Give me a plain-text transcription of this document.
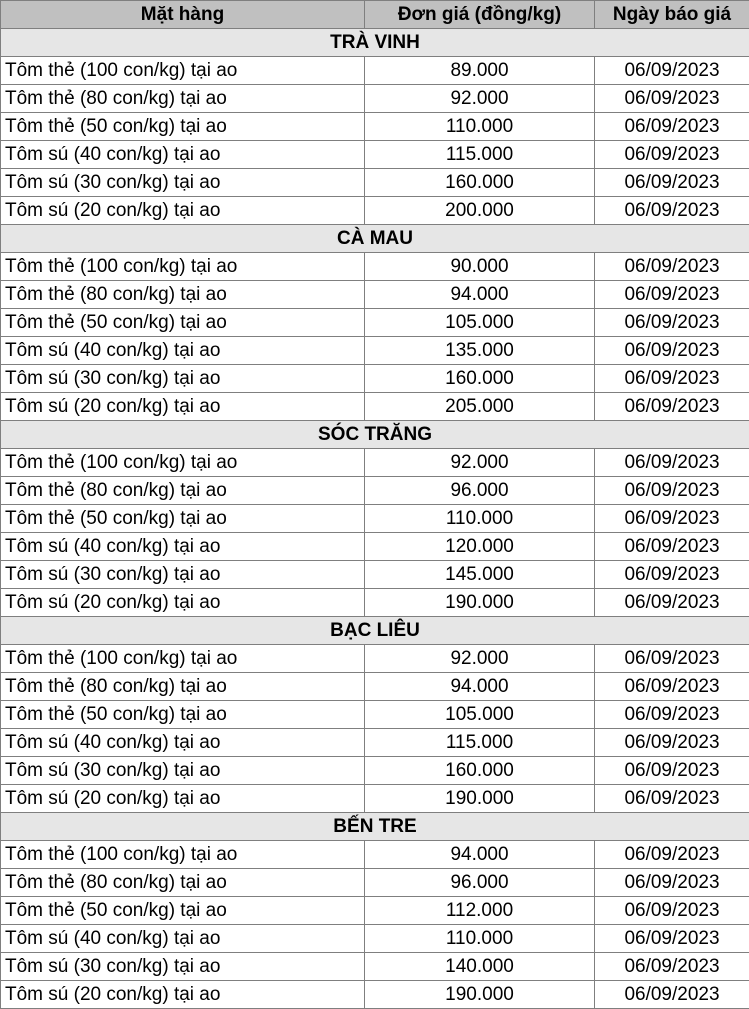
Mặt hàng	Đơn giá (đồng/kg)	Ngày báo giá
TRÀ VINH		
Tôm thẻ (100 con/kg) tại ao	89.000	06/09/2023
Tôm thẻ (80 con/kg) tại ao	92.000	06/09/2023
Tôm thẻ (50 con/kg) tại ao	110.000	06/09/2023
Tôm sú (40 con/kg) tại ao	115.000	06/09/2023
Tôm sú (30 con/kg) tại ao	160.000	06/09/2023
Tôm sú (20 con/kg) tại ao	200.000	06/09/2023
CÀ MAU		
Tôm thẻ (100 con/kg) tại ao	90.000	06/09/2023
Tôm thẻ (80 con/kg) tại ao	94.000	06/09/2023
Tôm thẻ (50 con/kg) tại ao	105.000	06/09/2023
Tôm sú (40 con/kg) tại ao	135.000	06/09/2023
Tôm sú (30 con/kg) tại ao	160.000	06/09/2023
Tôm sú (20 con/kg) tại ao	205.000	06/09/2023
SÓC TRĂNG		
Tôm thẻ (100 con/kg) tại ao	92.000	06/09/2023
Tôm thẻ (80 con/kg) tại ao	96.000	06/09/2023
Tôm thẻ (50 con/kg) tại ao	110.000	06/09/2023
Tôm sú (40 con/kg) tại ao	120.000	06/09/2023
Tôm sú (30 con/kg) tại ao	145.000	06/09/2023
Tôm sú (20 con/kg) tại ao	190.000	06/09/2023
BẠC LIÊU		
Tôm thẻ (100 con/kg) tại ao	92.000	06/09/2023
Tôm thẻ (80 con/kg) tại ao	94.000	06/09/2023
Tôm thẻ (50 con/kg) tại ao	105.000	06/09/2023
Tôm sú (40 con/kg) tại ao	115.000	06/09/2023
Tôm sú (30 con/kg) tại ao	160.000	06/09/2023
Tôm sú (20 con/kg) tại ao	190.000	06/09/2023
BẾN TRE		
Tôm thẻ (100 con/kg) tại ao	94.000	06/09/2023
Tôm thẻ (80 con/kg) tại ao	96.000	06/09/2023
Tôm thẻ (50 con/kg) tại ao	112.000	06/09/2023
Tôm sú (40 con/kg) tại ao	110.000	06/09/2023
Tôm sú (30 con/kg) tại ao	140.000	06/09/2023
Tôm sú (20 con/kg) tại ao	190.000	06/09/2023
